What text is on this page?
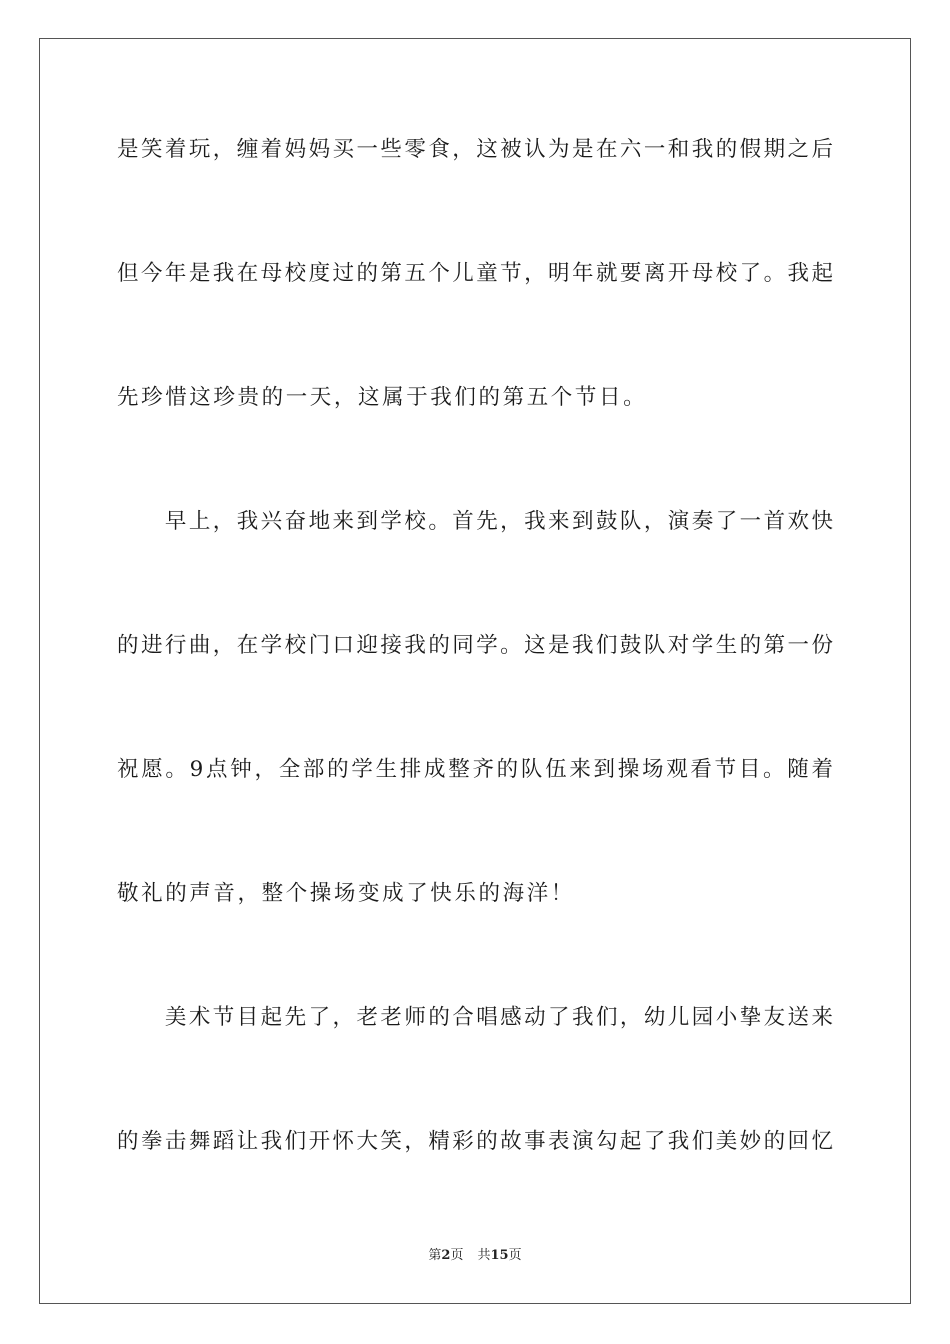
是笑着玩，缠着妈妈买一些零食，这被认为是在六一和我的假期之后
但今年是我在母校度过的第五个儿童节，明年就要离开母校了。我起
先珍惜这珍贵的一天，这属于我们的第五个节日。
　　早上，我兴奋地来到学校。首先，我来到鼓队，演奏了一首欢快
的进行曲，在学校门口迎接我的同学。这是我们鼓队对学生的第一份
祝愿。9点钟，全部的学生排成整齐的队伍来到操场观看节目。随着
敬礼的声音，整个操场变成了快乐的海洋！
　　美术节目起先了，老老师的合唱感动了我们，幼儿园小挚友送来
的拳击舞蹈让我们开怀大笑，精彩的故事表演勾起了我们美妙的回忆
第2页 共15页
